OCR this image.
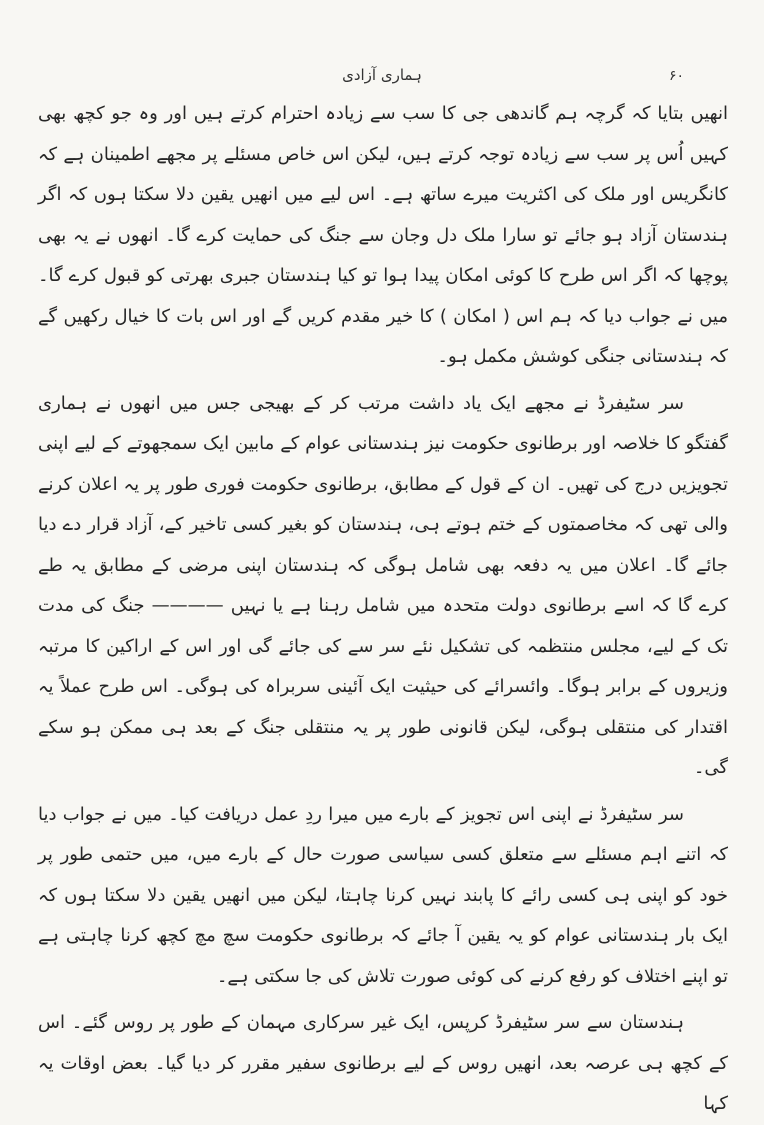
ہماری آزادی	۶۰

انھیں بتایا کہ گرچہ ہم گاندھی جی کا سب سے زیادہ احترام کرتے ہیں اور وہ جو کچھ بھی کہیں اُس پر سب سے زیادہ توجہ کرتے ہیں، لیکن اس خاص مسئلے پر مجھے اطمینان ہے کہ کانگریس اور ملک کی اکثریت میرے ساتھ ہے۔ اس لیے میں انھیں یقین دلا سکتا ہوں کہ اگر ہندستان آزاد ہو جائے تو سارا ملک دل وجان سے جنگ کی حمایت کرے گا۔ انھوں نے یہ بھی پوچھا کہ اگر اس طرح کا کوئی امکان پیدا ہوا تو کیا ہندستان جبری بھرتی کو قبول کرے گا۔ میں نے جواب دیا کہ ہم اس ( امکان ) کا خیر مقدم کریں گے اور اس بات کا خیال رکھیں گے کہ ہندستانی جنگی کوشش مکمل ہو۔

سر سٹیفرڈ نے مجھے ایک یاد داشت مرتب کر کے بھیجی جس میں انھوں نے ہماری گفتگو کا خلاصہ اور برطانوی حکومت نیز ہندستانی عوام کے مابین ایک سمجھوتے کے لیے اپنی تجویزیں درج کی تھیں۔ ان کے قول کے مطابق، برطانوی حکومت فوری طور پر یہ اعلان کرنے والی تھی کہ مخاصمتوں کے ختم ہوتے ہی، ہندستان کو بغیر کسی تاخیر کے، آزاد قرار دے دیا جائے گا۔ اعلان میں یہ دفعہ بھی شامل ہوگی کہ ہندستان اپنی مرضی کے مطابق یہ طے کرے گا کہ اسے برطانوی دولت متحدہ میں شامل رہنا ہے یا نہیں ———— جنگ کی مدت تک کے لیے، مجلس منتظمہ کی تشکیل نئے سر سے کی جائے گی اور اس کے اراکین کا مرتبہ وزیروں کے برابر ہوگا۔ وائسرائے کی حیثیت ایک آئینی سربراہ کی ہوگی۔ اس طرح عملاً یہ اقتدار کی منتقلی ہوگی، لیکن قانونی طور پر یہ منتقلی جنگ کے بعد ہی ممکن ہو سکے گی۔

سر سٹیفرڈ نے اپنی اس تجویز کے بارے میں میرا ردِ عمل دریافت کیا۔ میں نے جواب دیا کہ اتنے اہم مسئلے سے متعلق کسی سیاسی صورت حال کے بارے میں، میں حتمی طور پر خود کو اپنی ہی کسی رائے کا پابند نہیں کرنا چاہتا، لیکن میں انھیں یقین دلا سکتا ہوں کہ ایک بار ہندستانی عوام کو یہ یقین آ جائے کہ برطانوی حکومت سچ مچ کچھ کرنا چاہتی ہے تو اپنے اختلاف کو رفع کرنے کی کوئی صورت تلاش کی جا سکتی ہے۔

ہندستان سے سر سٹیفرڈ کرپس، ایک غیر سرکاری مہمان کے طور پر روس گئے۔ اس کے کچھ ہی عرصہ بعد، انھیں روس کے لیے برطانوی سفیر مقرر کر دیا گیا۔ بعض اوقات یہ کہا
